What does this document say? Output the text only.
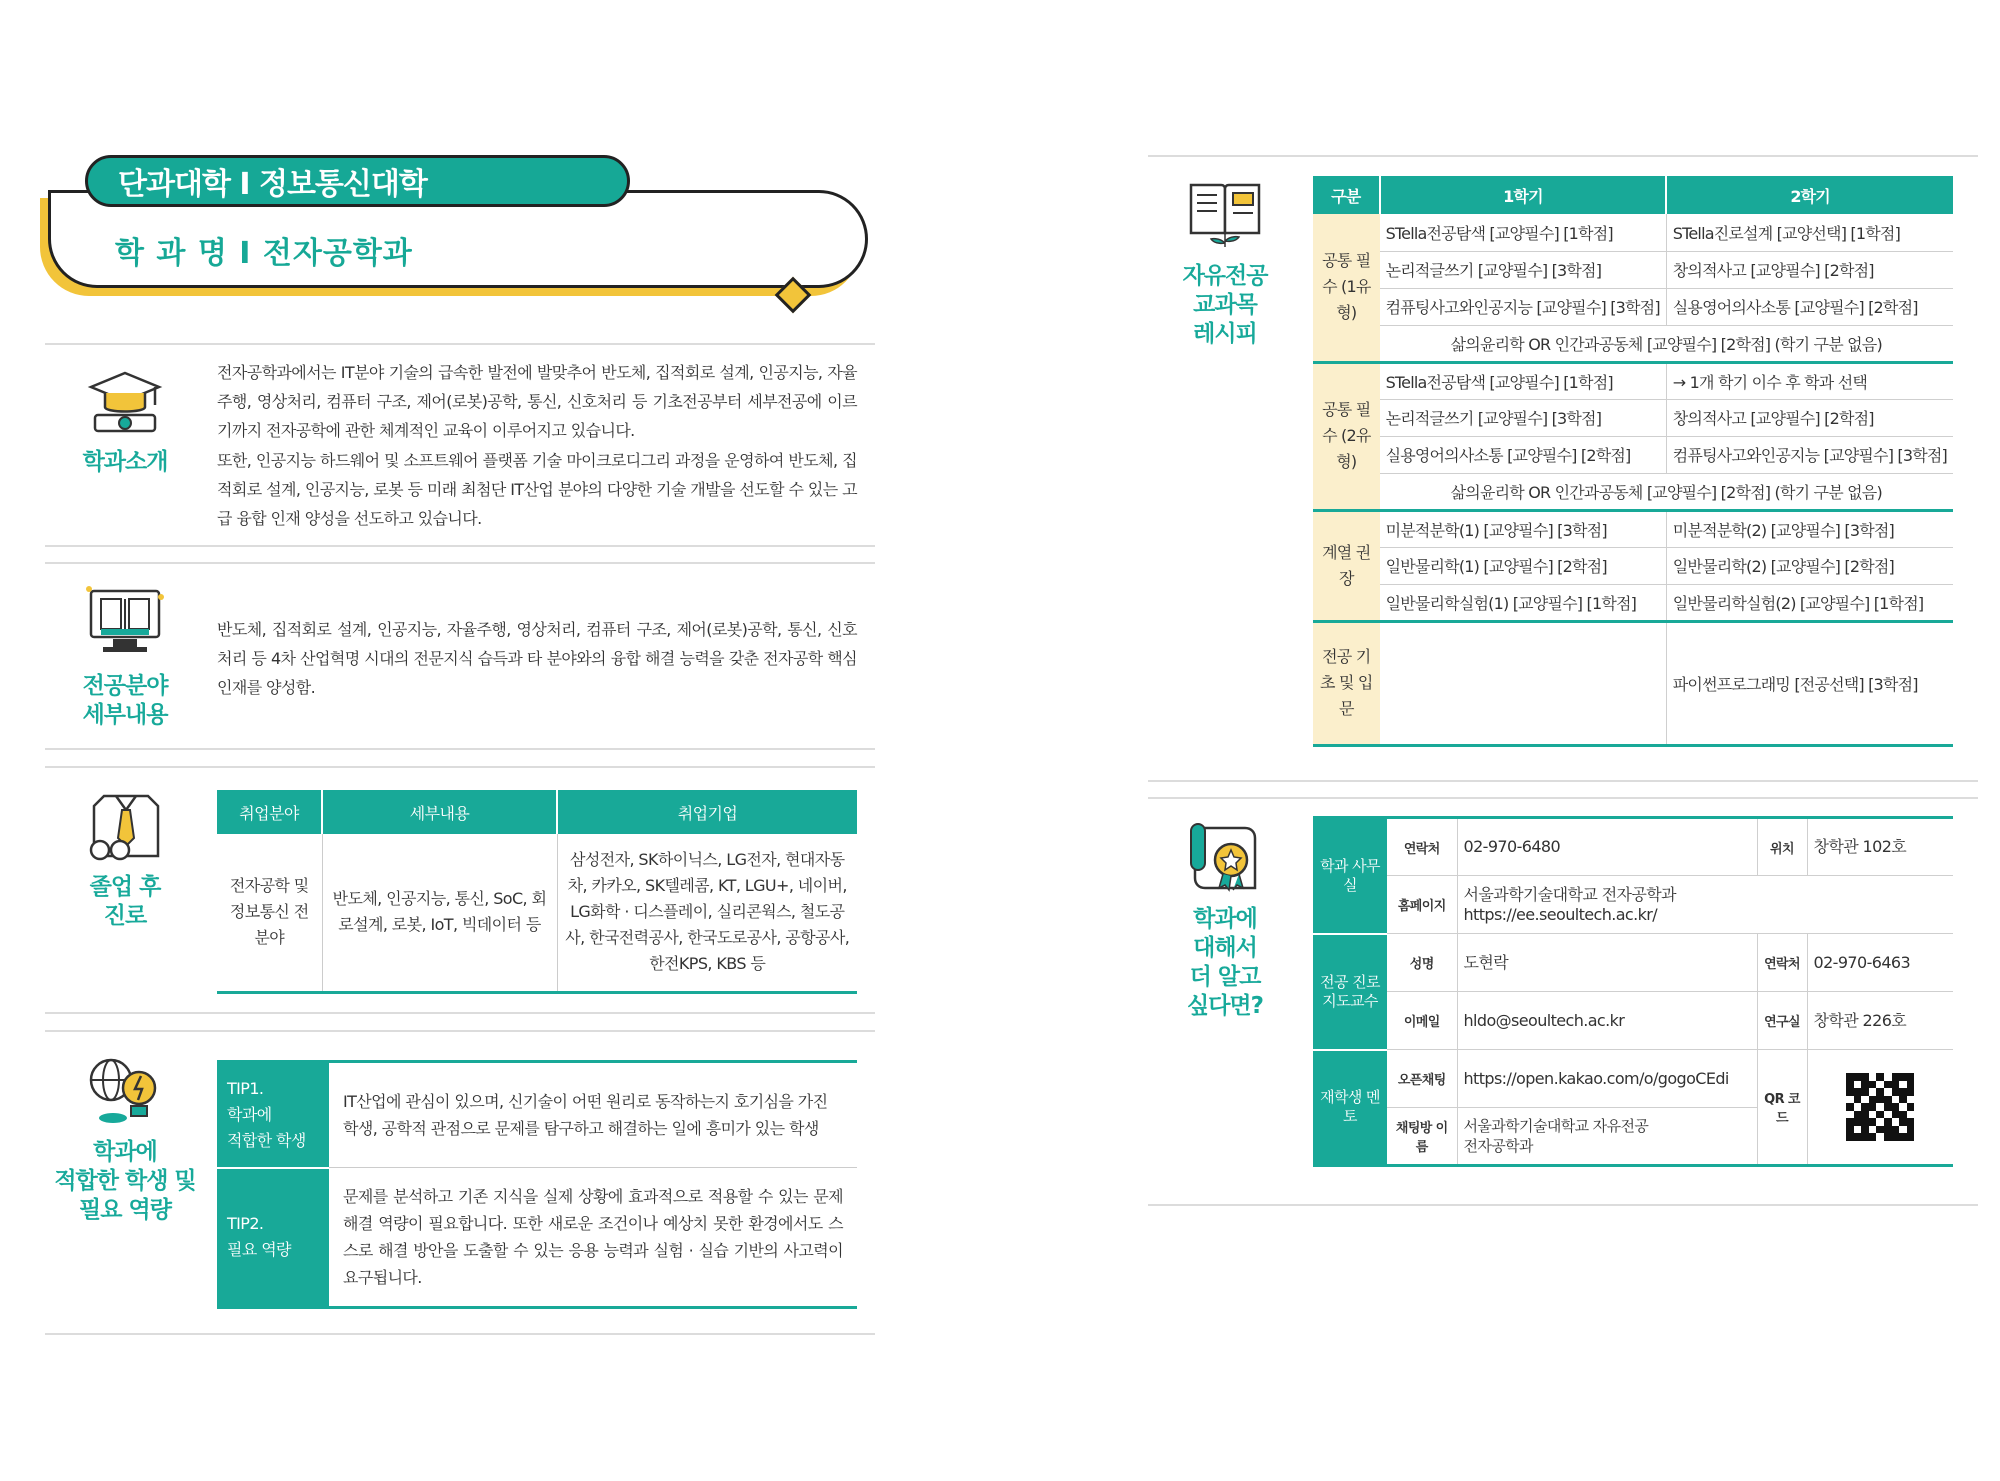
단과대학 I 정보통신대학
학 과 명 I 전자공학과
학과소개
전자공학과에서는 IT분야 기술의 급속한 발전에 발맞추어 반도체, 집적회로 설계, 인공지능, 자율주행, 영상처리, 컴퓨터 구조, 제어(로봇)공학, 통신, 신호처리 등 기초전공부터 세부전공에 이르기까지 전자공학에 관한 체계적인 교육이 이루어지고 있습니다.
또한, 인공지능 하드웨어 및 소프트웨어 플랫폼 기술 마이크로디그리 과정을 운영하여 반도체, 집적회로 설계, 인공지능, 로봇 등 미래 최첨단 IT산업 분야의 다양한 기술 개발을 선도할 수 있는 고급 융합 인재 양성을 선도하고 있습니다.
전공분야
세부내용
반도체, 집적회로 설계, 인공지능, 자율주행, 영상처리, 컴퓨터 구조, 제어(로봇)공학, 통신, 신호처리 등 4차 산업혁명 시대의 전문지식 습득과 타 분야와의 융합 해결 능력을 갖춘 전자공학 핵심 인재를 양성함.
졸업 후
진로
취업분야	세부내용	취업기업
전자공학 및 정보통신 전분야	반도체, 인공지능, 통신, SoC, 회로설계, 로봇, IoT, 빅데이터 등	삼성전자, SK하이닉스, LG전자, 현대자동차, 카카오, SK텔레콤, KT, LGU+, 네이버, LG화학 · 디스플레이, 실리콘웍스, 철도공사, 한국전력공사, 한국도로공사, 공항공사, 한전KPS, KBS 등
학과에
적합한 학생 및
필요 역량
TIP1.
학과에
적합한 학생	IT산업에 관심이 있으며, 신기술이 어떤 원리로 동작하는지 호기심을 가진 학생, 공학적 관점으로 문제를 탐구하고 해결하는 일에 흥미가 있는 학생

TIP2.
필요 역량	문제를 분석하고 기존 지식을 실제 상황에 효과적으로 적용할 수 있는 문제해결 역량이 필요합니다. 또한 새로운 조건이나 예상치 못한 환경에서도 스스로 해결 방안을 도출할 수 있는 응용 능력과 실험 · 실습 기반의 사고력이 요구됩니다.
자유전공
교과목
레시피
구분	1학기	2학기
공통 필수 (1유형)	STella전공탐색 [교양필수] [1학점]	STella진로설계 [교양선택] [1학점]
	논리적글쓰기 [교양필수] [3학점]	창의적사고 [교양필수] [2학점]
	컴퓨팅사고와인공지능 [교양필수] [3학점]	실용영어의사소통 [교양필수] [2학점]
	삶의윤리학 OR 인간과공동체 [교양필수] [2학점] (학기 구분 없음)	
공통 필수 (2유형)	STella전공탐색 [교양필수] [1학점]	→ 1개 학기 이수 후 학과 선택
	논리적글쓰기 [교양필수] [3학점]	창의적사고 [교양필수] [2학점]
	실용영어의사소통 [교양필수] [2학점]	컴퓨팅사고와인공지능 [교양필수] [3학점]
	삶의윤리학 OR 인간과공동체 [교양필수] [2학점] (학기 구분 없음)	
계열 권장	미분적분학(1) [교양필수] [3학점]	미분적분학(2) [교양필수] [3학점]
	일반물리학(1) [교양필수] [2학점]	일반물리학(2) [교양필수] [2학점]
	일반물리학실험(1) [교양필수] [1학점]	일반물리학실험(2) [교양필수] [1학점]
전공 기초 및 입문		파이썬프로그래밍 [전공선택] [3학점]
학과에
대해서
더 알고
싶다면?
학과 사무실	연락처	02-970-6480	위치	창학관 102호
	홈페이지	서울과학기술대학교 전자공학과
https://ee.seoultech.ac.kr/		

전공 진로 지도교수	성명	도현락	연락처	02-970-6463
	이메일	hldo@seoultech.ac.kr	연구실	창학관 226호
재학생 멘토	오픈채팅	https://open.kakao.com/o/gogoCEdi	QR 코드	

	채팅방 이름	서울과학기술대학교 자유전공
전자공학과		
